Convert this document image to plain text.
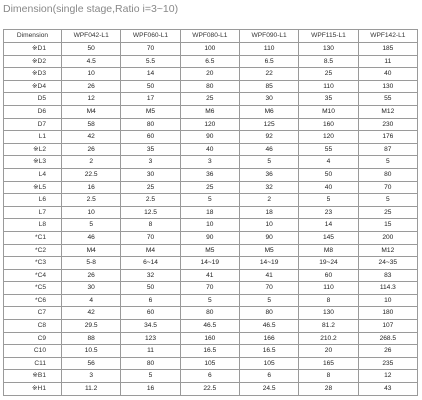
Dimension(single stage,Ratio i=3~10)
Dimension	WPF042-L1	WPF060-L1	WPF080-L1	WPF090-L1	WPF115-L1	WPF142-L1
※D1	50	70	100	110	130	185
※D2	4.5	5.5	6.5	6.5	8.5	11
※D3	10	14	20	22	25	40
※D4	26	50	80	85	110	130
D5	12	17	25	30	35	55
D6	M4	M5	M6	M6	M10	M12
D7	58	80	120	125	160	230
L1	42	60	90	92	120	176
※L2	26	35	40	46	55	87
※L3	2	3	3	5	4	5
L4	22.5	30	36	36	50	80
※L5	16	25	25	32	40	70
L6	2.5	2.5	5	2	5	5
L7	10	12.5	18	18	23	25
L8	5	8	10	10	14	15
*C1	46	70	90	90	145	200
*C2	M4	M4	M5	M5	M8	M12
*C3	5-8	6~14	14~19	14~19	19~24	24~35
*C4	26	32	41	41	60	83
*C5	30	50	70	70	110	114.3
*C6	4	6	5	5	8	10
C7	42	60	80	80	130	180
C8	29.5	34.5	46.5	46.5	81.2	107
C9	88	123	160	166	210.2	268.5
C10	10.5	11	16.5	16.5	20	26
C11	56	80	105	105	165	235
※B1	3	5	6	6	8	12
※H1	11.2	16	22.5	24.5	28	43
